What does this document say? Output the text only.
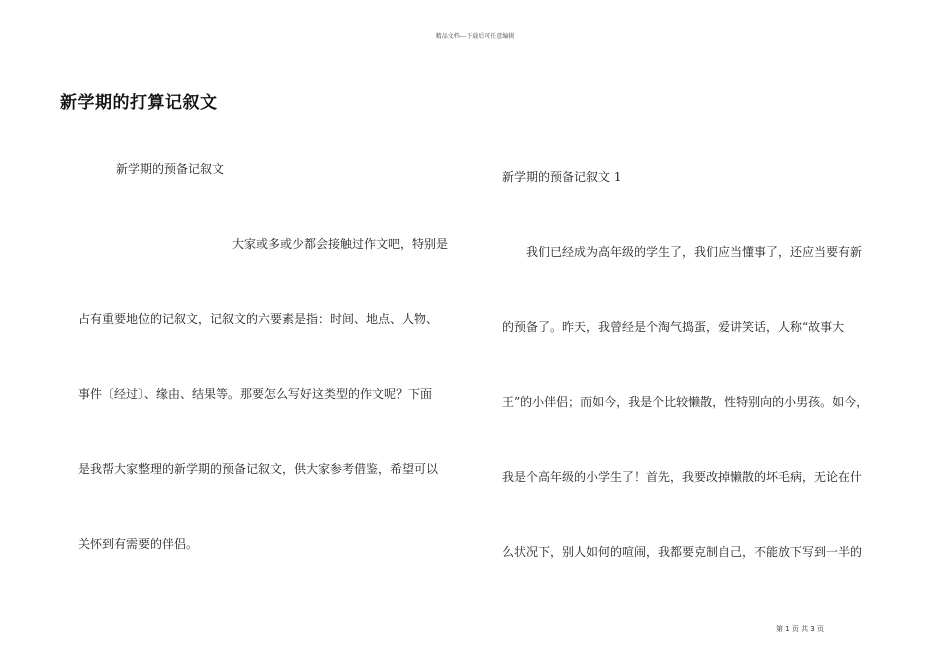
精品文档---下载后可任意编辑
新学期的打算记叙文
新学期的预备记叙文
大家或多或少都会接触过作文吧，特别是
占有重要地位的记叙文，记叙文的六要素是指：时间、地点、人物、
事件〔经过〕、缘由、结果等。那要怎么写好这类型的作文呢？下面
是我帮大家整理的新学期的预备记叙文，供大家参考借鉴，希望可以
关怀到有需要的伴侣。
新学期的预备记叙文 1
我们已经成为高年级的学生了，我们应当懂事了，还应当要有新
的预备了。昨天，我曾经是个淘气捣蛋，爱讲笑话，人称“故事大
王”的小伴侣；而如今，我是个比较懒散，性特别向的小男孩。如今，
我是个高年级的小学生了！首先，我要改掉懒散的坏毛病，无论在什
么状况下，别人如何的喧闹，我都要克制自己，不能放下写到一半的
第 1 页 共 3 页
